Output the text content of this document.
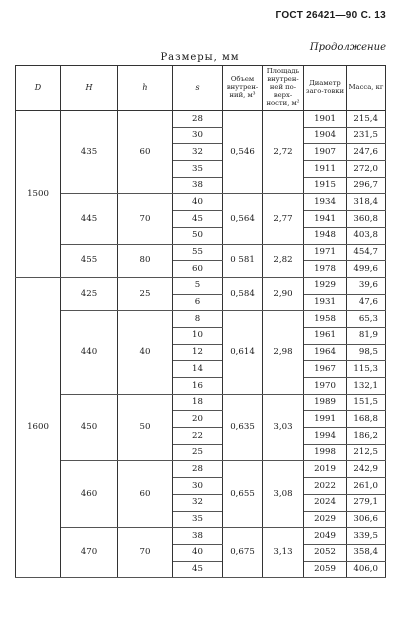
ГОСТ 26421—90 С. 13
Продолжение
Размеры, мм
D	H	h	s	Объем внутрен-ний, м³	Площадь внутрен-ней по-верх-ности, м²	Диаметр заго-товки	Масса, кг
1500	435	60	28	0,546	2,72	1901	215,4
			30			1904	231,5
			32			1907	247,6
			35			1911	272,0
			38			1915	296,7
	445	70	40	0,564	2,77	1934	318,4
			45			1941	360,8
			50			1948	403,8
	455	80	55	0 581	2,82	1971	454,7
			60			1978	499,6
1600	425	25	5	0,584	2,90	1929	39,6
			6			1931	47,6
	440	40	8	0,614	2,98	1958	65,3
			10			1961	81,9
			12			1964	98,5
			14			1967	115,3
			16			1970	132,1
	450	50	18	0,635	3,03	1989	151,5
			20			1991	168,8
			22			1994	186,2
			25			1998	212,5
	460	60	28	0,655	3,08	2019	242,9
			30			2022	261,0
			32			2024	279,1
			35			2029	306,6
	470	70	38	0,675	3,13	2049	339,5
			40			2052	358,4
			45			2059	406,0
